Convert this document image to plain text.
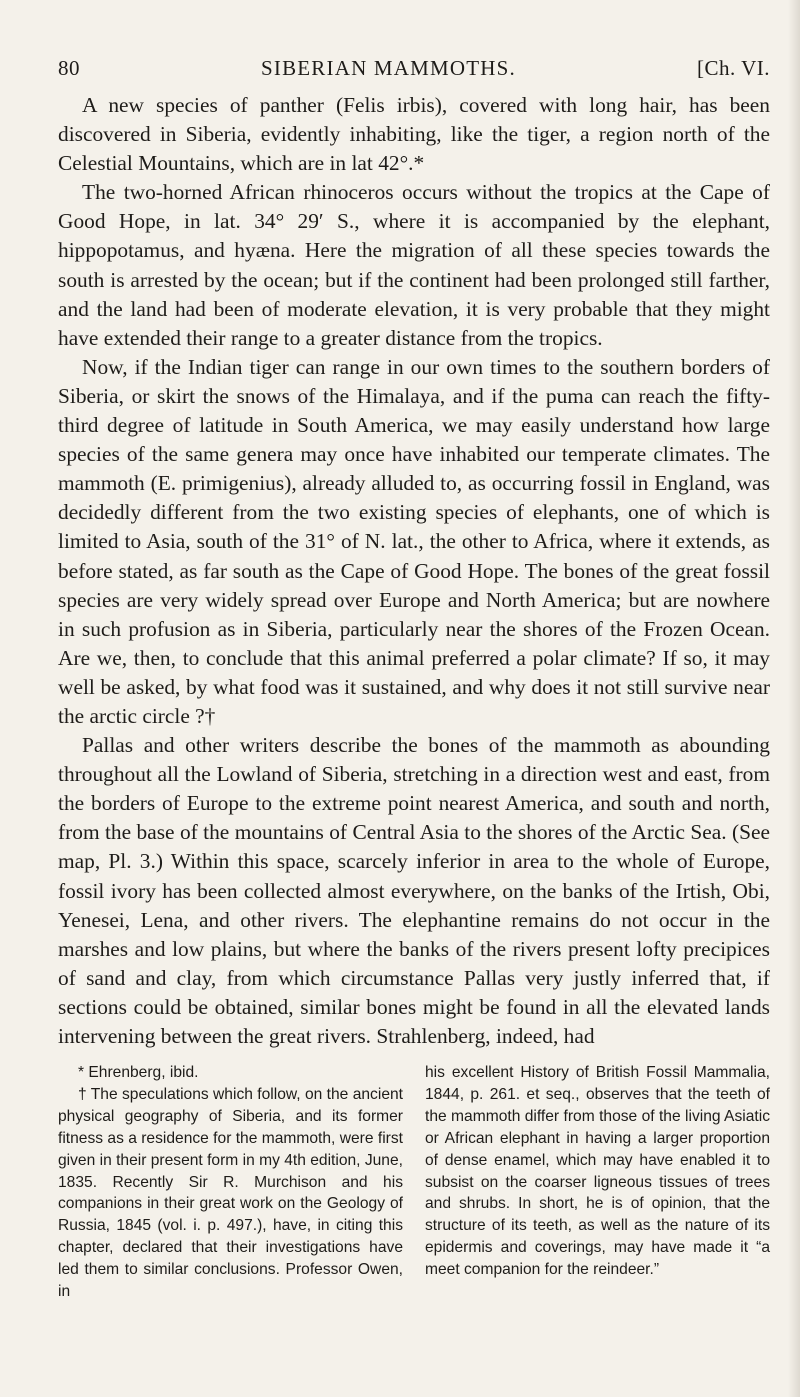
80	SIBERIAN MAMMOTHS.	[Ch. VI.

A new species of panther (Felis irbis), covered with long hair, has been discovered in Siberia, evidently inhabiting, like the tiger, a region north of the Celestial Mountains, which are in lat 42°.*

The two-horned African rhinoceros occurs without the tropics at the Cape of Good Hope, in lat. 34° 29′ S., where it is accompanied by the elephant, hippopotamus, and hyæna. Here the migration of all these species towards the south is arrested by the ocean; but if the continent had been prolonged still farther, and the land had been of moderate elevation, it is very probable that they might have extended their range to a greater distance from the tropics.

Now, if the Indian tiger can range in our own times to the southern borders of Siberia, or skirt the snows of the Himalaya, and if the puma can reach the fifty-third degree of latitude in South America, we may easily understand how large species of the same genera may once have inhabited our temperate climates. The mammoth (E. primigenius), already alluded to, as occurring fossil in England, was decidedly different from the two existing species of elephants, one of which is limited to Asia, south of the 31° of N. lat., the other to Africa, where it extends, as before stated, as far south as the Cape of Good Hope. The bones of the great fossil species are very widely spread over Europe and North America; but are nowhere in such profusion as in Siberia, particularly near the shores of the Frozen Ocean. Are we, then, to conclude that this animal preferred a polar climate? If so, it may well be asked, by what food was it sustained, and why does it not still survive near the arctic circle ?†

Pallas and other writers describe the bones of the mammoth as abounding throughout all the Lowland of Siberia, stretching in a direction west and east, from the borders of Europe to the extreme point nearest America, and south and north, from the base of the mountains of Central Asia to the shores of the Arctic Sea. (See map, Pl. 3.) Within this space, scarcely inferior in area to the whole of Europe, fossil ivory has been collected almost everywhere, on the banks of the Irtish, Obi, Yenesei, Lena, and other rivers. The elephantine remains do not occur in the marshes and low plains, but where the banks of the rivers present lofty precipices of sand and clay, from which circumstance Pallas very justly inferred that, if sections could be obtained, similar bones might be found in all the elevated lands intervening between the great rivers. Strahlenberg, indeed, had

* Ehrenberg, ibid.

† The speculations which follow, on the ancient physical geography of Siberia, and its former fitness as a residence for the mammoth, were first given in their present form in my 4th edition, June, 1835. Recently Sir R. Murchison and his companions in their great work on the Geology of Russia, 1845 (vol. i. p. 497.), have, in citing this chapter, declared that their investigations have led them to similar conclusions. Professor Owen, in

his excellent History of British Fossil Mammalia, 1844, p. 261. et seq., observes that the teeth of the mammoth differ from those of the living Asiatic or African elephant in having a larger proportion of dense enamel, which may have enabled it to subsist on the coarser ligneous tissues of trees and shrubs. In short, he is of opinion, that the structure of its teeth, as well as the nature of its epidermis and coverings, may have made it “a meet companion for the reindeer.”
